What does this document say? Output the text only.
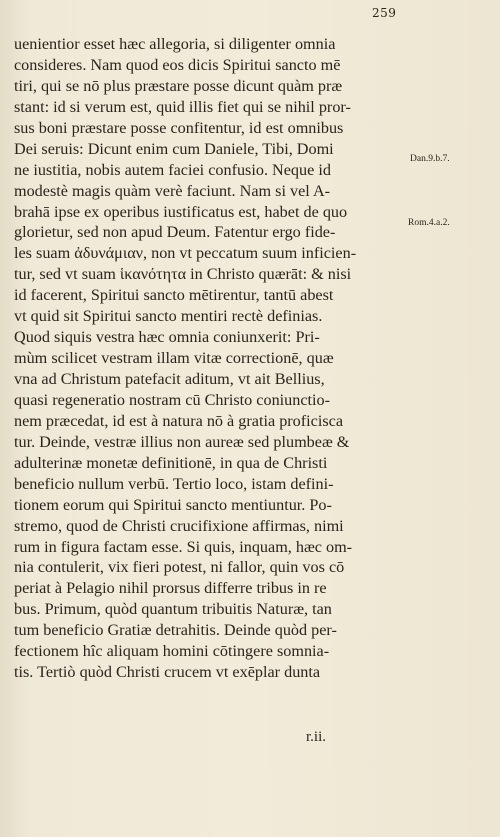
259
uenientior esset hæc allegoria, si diligenter omnia
consideres. Nam quod eos dicis Spiritui sancto mē
tiri, qui se nō plus præstare posse dicunt quàm præ
stant: id si verum est, quid illis fiet qui se nihil pror-
sus boni præstare posse confitentur, id est omnibus
Dei seruis: Dicunt enim cum Daniele, Tibi, Domi
ne iustitia, nobis autem faciei confusio. Neque id
modestè magis quàm verè faciunt. Nam si vel A-
brahā ipse ex operibus iustificatus est, habet de quo
glorietur, sed non apud Deum. Fatentur ergo fide-
les suam ἀδυνάμιαν, non vt peccatum suum inficien-
tur, sed vt suam ἱκανότητα in Christo quærāt: & nisi
id facerent, Spiritui sancto mētirentur, tantū abest
vt quid sit Spiritui sancto mentiri rectè definias.
Quod siquis vestra hæc omnia coniunxerit: Pri-
mùm scilicet vestram illam vitæ correctionē, quæ
vna ad Christum patefacit aditum, vt ait Bellius,
quasi regeneratio nostram cū Christo coniunctio-
nem præcedat, id est à natura nō à gratia proficisca
tur. Deinde, vestræ illius non aureæ sed plumbeæ &
adulterinæ monetæ definitionē, in qua de Christi
beneficio nullum verbū. Tertio loco, istam defini-
tionem eorum qui Spiritui sancto mentiuntur. Po-
stremo, quod de Christi crucifixione affirmas, nimi
rum in figura factam esse. Si quis, inquam, hæc om-
nia contulerit, vix fieri potest, ni fallor, quin vos cō
periat à Pelagio nihil prorsus differre tribus in re
bus. Primum, quòd quantum tribuitis Naturæ, tan
tum beneficio Gratiæ detrahitis. Deinde quòd per-
fectionem hîc aliquam homini cōtingere somnia-
tis. Tertiò quòd Christi crucem vt exēplar dunta
Dan.9.b.7.
Rom.4.a.2.
r.ii.
